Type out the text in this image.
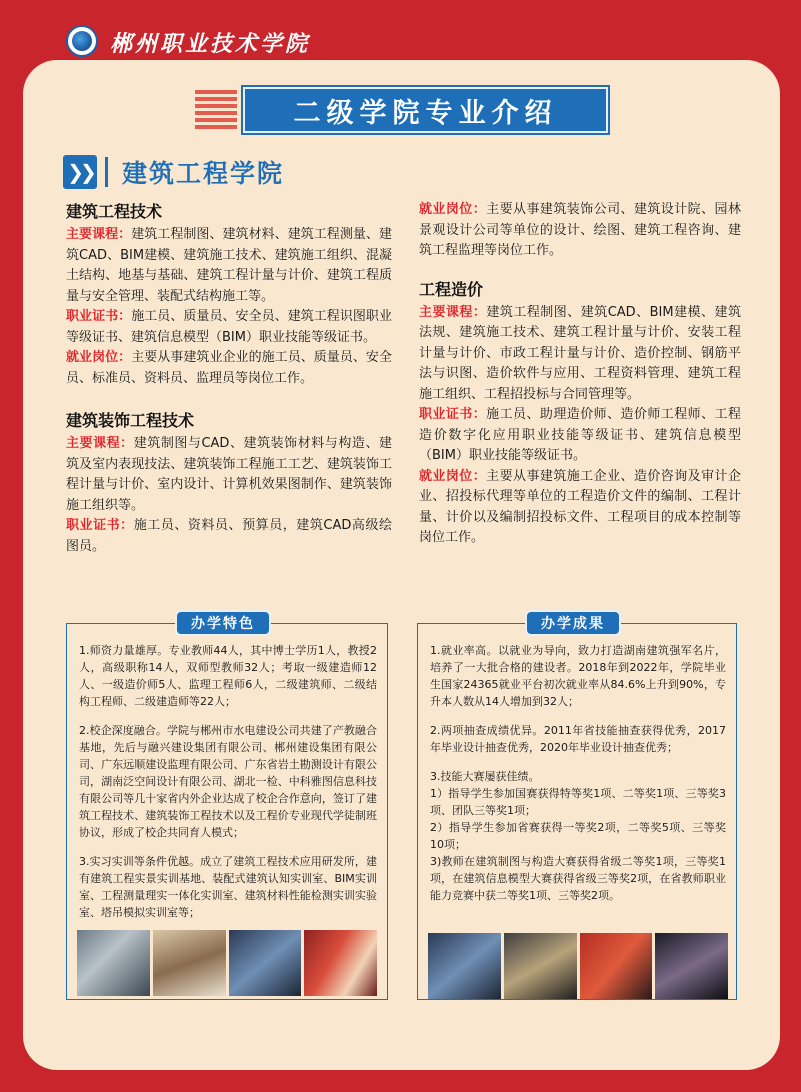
郴州职业技术学院
二级学院专业介绍
❯❯ 建筑工程学院
建筑工程技术

主要课程：建筑工程制图、建筑材料、建筑工程测量、建筑CAD、BIM建模、建筑施工技术、建筑施工组织、混凝土结构、地基与基础、建筑工程计量与计价、建筑工程质量与安全管理、装配式结构施工等。

职业证书：施工员、质量员、安全员、建筑工程识图职业等级证书、建筑信息模型（BIM）职业技能等级证书。

就业岗位：主要从事建筑业企业的施工员、质量员、安全员、标准员、资料员、监理员等岗位工作。

建筑装饰工程技术

主要课程：建筑制图与CAD、建筑装饰材料与构造、建筑及室内表现技法、建筑装饰工程施工工艺、建筑装饰工程计量与计价、室内设计、计算机效果图制作、建筑装饰施工组织等。

职业证书：施工员、资料员、预算员，建筑CAD高级绘图员。

就业岗位：主要从事建筑装饰公司、建筑设计院、园林景观设计公司等单位的设计、绘图、建筑工程咨询、建筑工程监理等岗位工作。

工程造价

主要课程：建筑工程制图、建筑CAD、BIM建模、建筑法规、建筑施工技术、建筑工程计量与计价、安装工程计量与计价、市政工程计量与计价、造价控制、钢筋平法与识图、造价软件与应用、工程资料管理、建筑工程施工组织、工程招投标与合同管理等。

职业证书：施工员、助理造价师、造价师工程师、工程造价数字化应用职业技能等级证书、建筑信息模型（BIM）职业技能等级证书。

就业岗位：主要从事建筑施工企业、造价咨询及审计企业、招投标代理等单位的工程造价文件的编制、工程计量、计价以及编制招投标文件、工程项目的成本控制等岗位工作。

1.师资力量雄厚。专业教师44人，其中博士学历1人，教授2人，高级职称14人，双师型教师32人；考取一级建造师12人、一级造价师5人、监理工程师6人，二级建筑师、二级结构工程师、二级建造师等22人；

2.校企深度融合。学院与郴州市水电建设公司共建了产教融合基地，先后与融兴建设集团有限公司、郴州建设集团有限公司、广东远顺建设监理有限公司、广东省岩土勘测设计有限公司，湖南泛空间设计有限公司、湖北一检、中科雅图信息科技有限公司等几十家省内外企业达成了校企合作意向，签订了建筑工程技术、建筑装饰工程技术以及工程价专业现代学徒制班协议，形成了校企共同育人模式；

3.实习实训等条件优越。成立了建筑工程技术应用研发所，建有建筑工程实景实训基地、装配式建筑认知实训室、BIM实训室、工程测量理实一体化实训室、建筑材料性能检测实训实验室、塔吊模拟实训室等；

办学特色

1.就业率高。以就业为导向，致力打造湖南建筑强军名片，培养了一大批合格的建设者。2018年到2022年，学院毕业生国家24365就业平台初次就业率从84.6%上升到90%，专升本人数从14人增加到32人；

2.两项抽查成绩优异。2011年省技能抽查获得优秀，2017年毕业设计抽查优秀，2020年毕业设计抽查优秀；

3.技能大赛屡获佳绩。
1）指导学生参加国赛获得特等奖1项、二等奖1项、三等奖3项、团队三等奖1项；
2）指导学生参加省赛获得一等奖2项，二等奖5项、三等奖10项；
3)教师在建筑制图与构造大赛获得省级二等奖1项，三等奖1项，在建筑信息模型大赛获得省级三等奖2项，在省教师职业能力竞赛中获二等奖1项、三等奖2项。

办学成果
